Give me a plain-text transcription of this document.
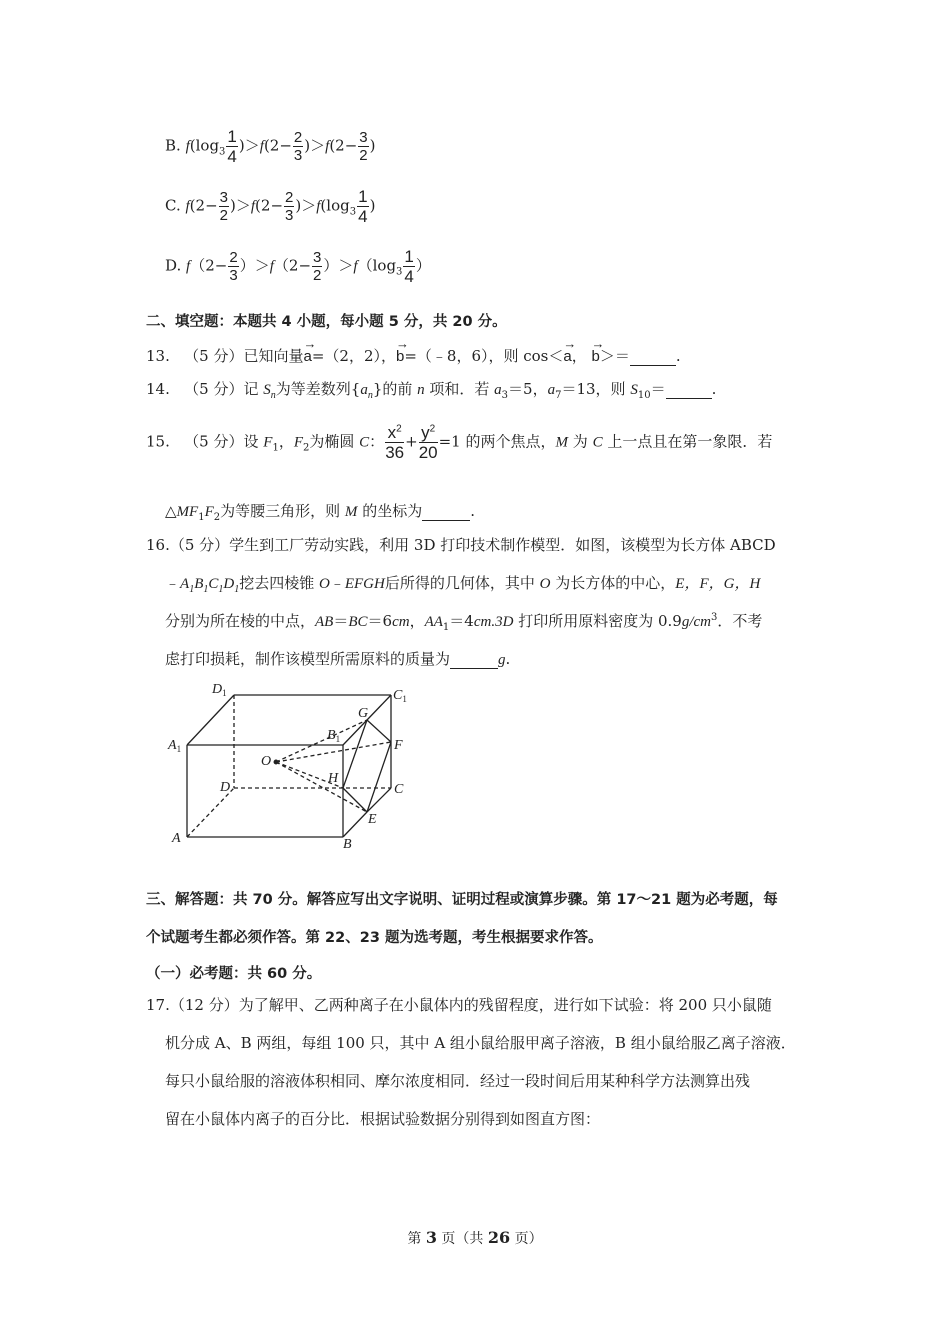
B. $f(\log_3 \frac{1}{4} )>f(2- \frac{2}{3} )>f(2- \frac{3}{2}$ )
C. $f(2- \frac{3}{2} )>f(2- \frac{2}{3} )>f(\log_3 \frac{1}{4}$ )
D. $f(2- \frac{2}{3} )>f(2- \frac{3}{2} )>f(\log_3 \frac{1}{4}$ ）
二、填空题：本题共 4 小题，每小题 5 分，共 20 分。
13. （5 分）已知向量→ a=（2，2），→ b=（﹣8，6），则 cos＜→ a， → b＞＝	.
14. （5 分）记 $S_n$为等差数列$\{a_n\}$的前 n 项和．若 $a_3=5$，$a_7=13$，则 $S_{10}=$	.
15. （5 分）设 $F_1$，$F_2$为椭圆 C： $\frac{x^2}{36} + \frac{y^2}{20} =1$ 的两个焦点，M 为 C 上一点且在第一象限．若
$\triangle MF_1F_2$为等腰三角形，则 M 的坐标为	.
16.（5 分）学生到工厂劳动实践，利用 3D 打印技术制作模型．如图，该模型为长方体 ABCD
$﹣A_1B_1C_1D_1$挖去四棱锥 O﹣EFGH后所得的几何体，其中 O 为长方体的中心，E，F，G，H
分别为所在棱的中点，AB＝BC＝6cm，$AA_1=4cm.3D$ 打印所用原料密度为 $0.9g/cm^3$．不考
虑打印损耗，制作该模型所需原料的质量为	g.
$D_1$	$C_1$
$A_1$
$B_1$
G
F
O
D
H
C
E
A	B
三、解答题：共 70 分。解答应写出文字说明、证明过程或演算步骤。第 17～21 题为必考题，每
个试题考生都必须作答。第 22、23 题为选考题，考生根据要求作答。
（一）必考题：共 60 分。
17.（12 分）为了解甲、乙两种离子在小鼠体内的残留程度，进行如下试验：将 200 只小鼠随
机分成 A、B 两组，每组 100 只，其中 A 组小鼠给服甲离子溶液，B 组小鼠给服乙离子溶液．
每只小鼠给服的溶液体积相同、摩尔浓度相同．经过一段时间后用某种科学方法测算出残
留在小鼠体内离子的百分比．根据试验数据分别得到如图直方图：
第 3 页（共 26 页）
